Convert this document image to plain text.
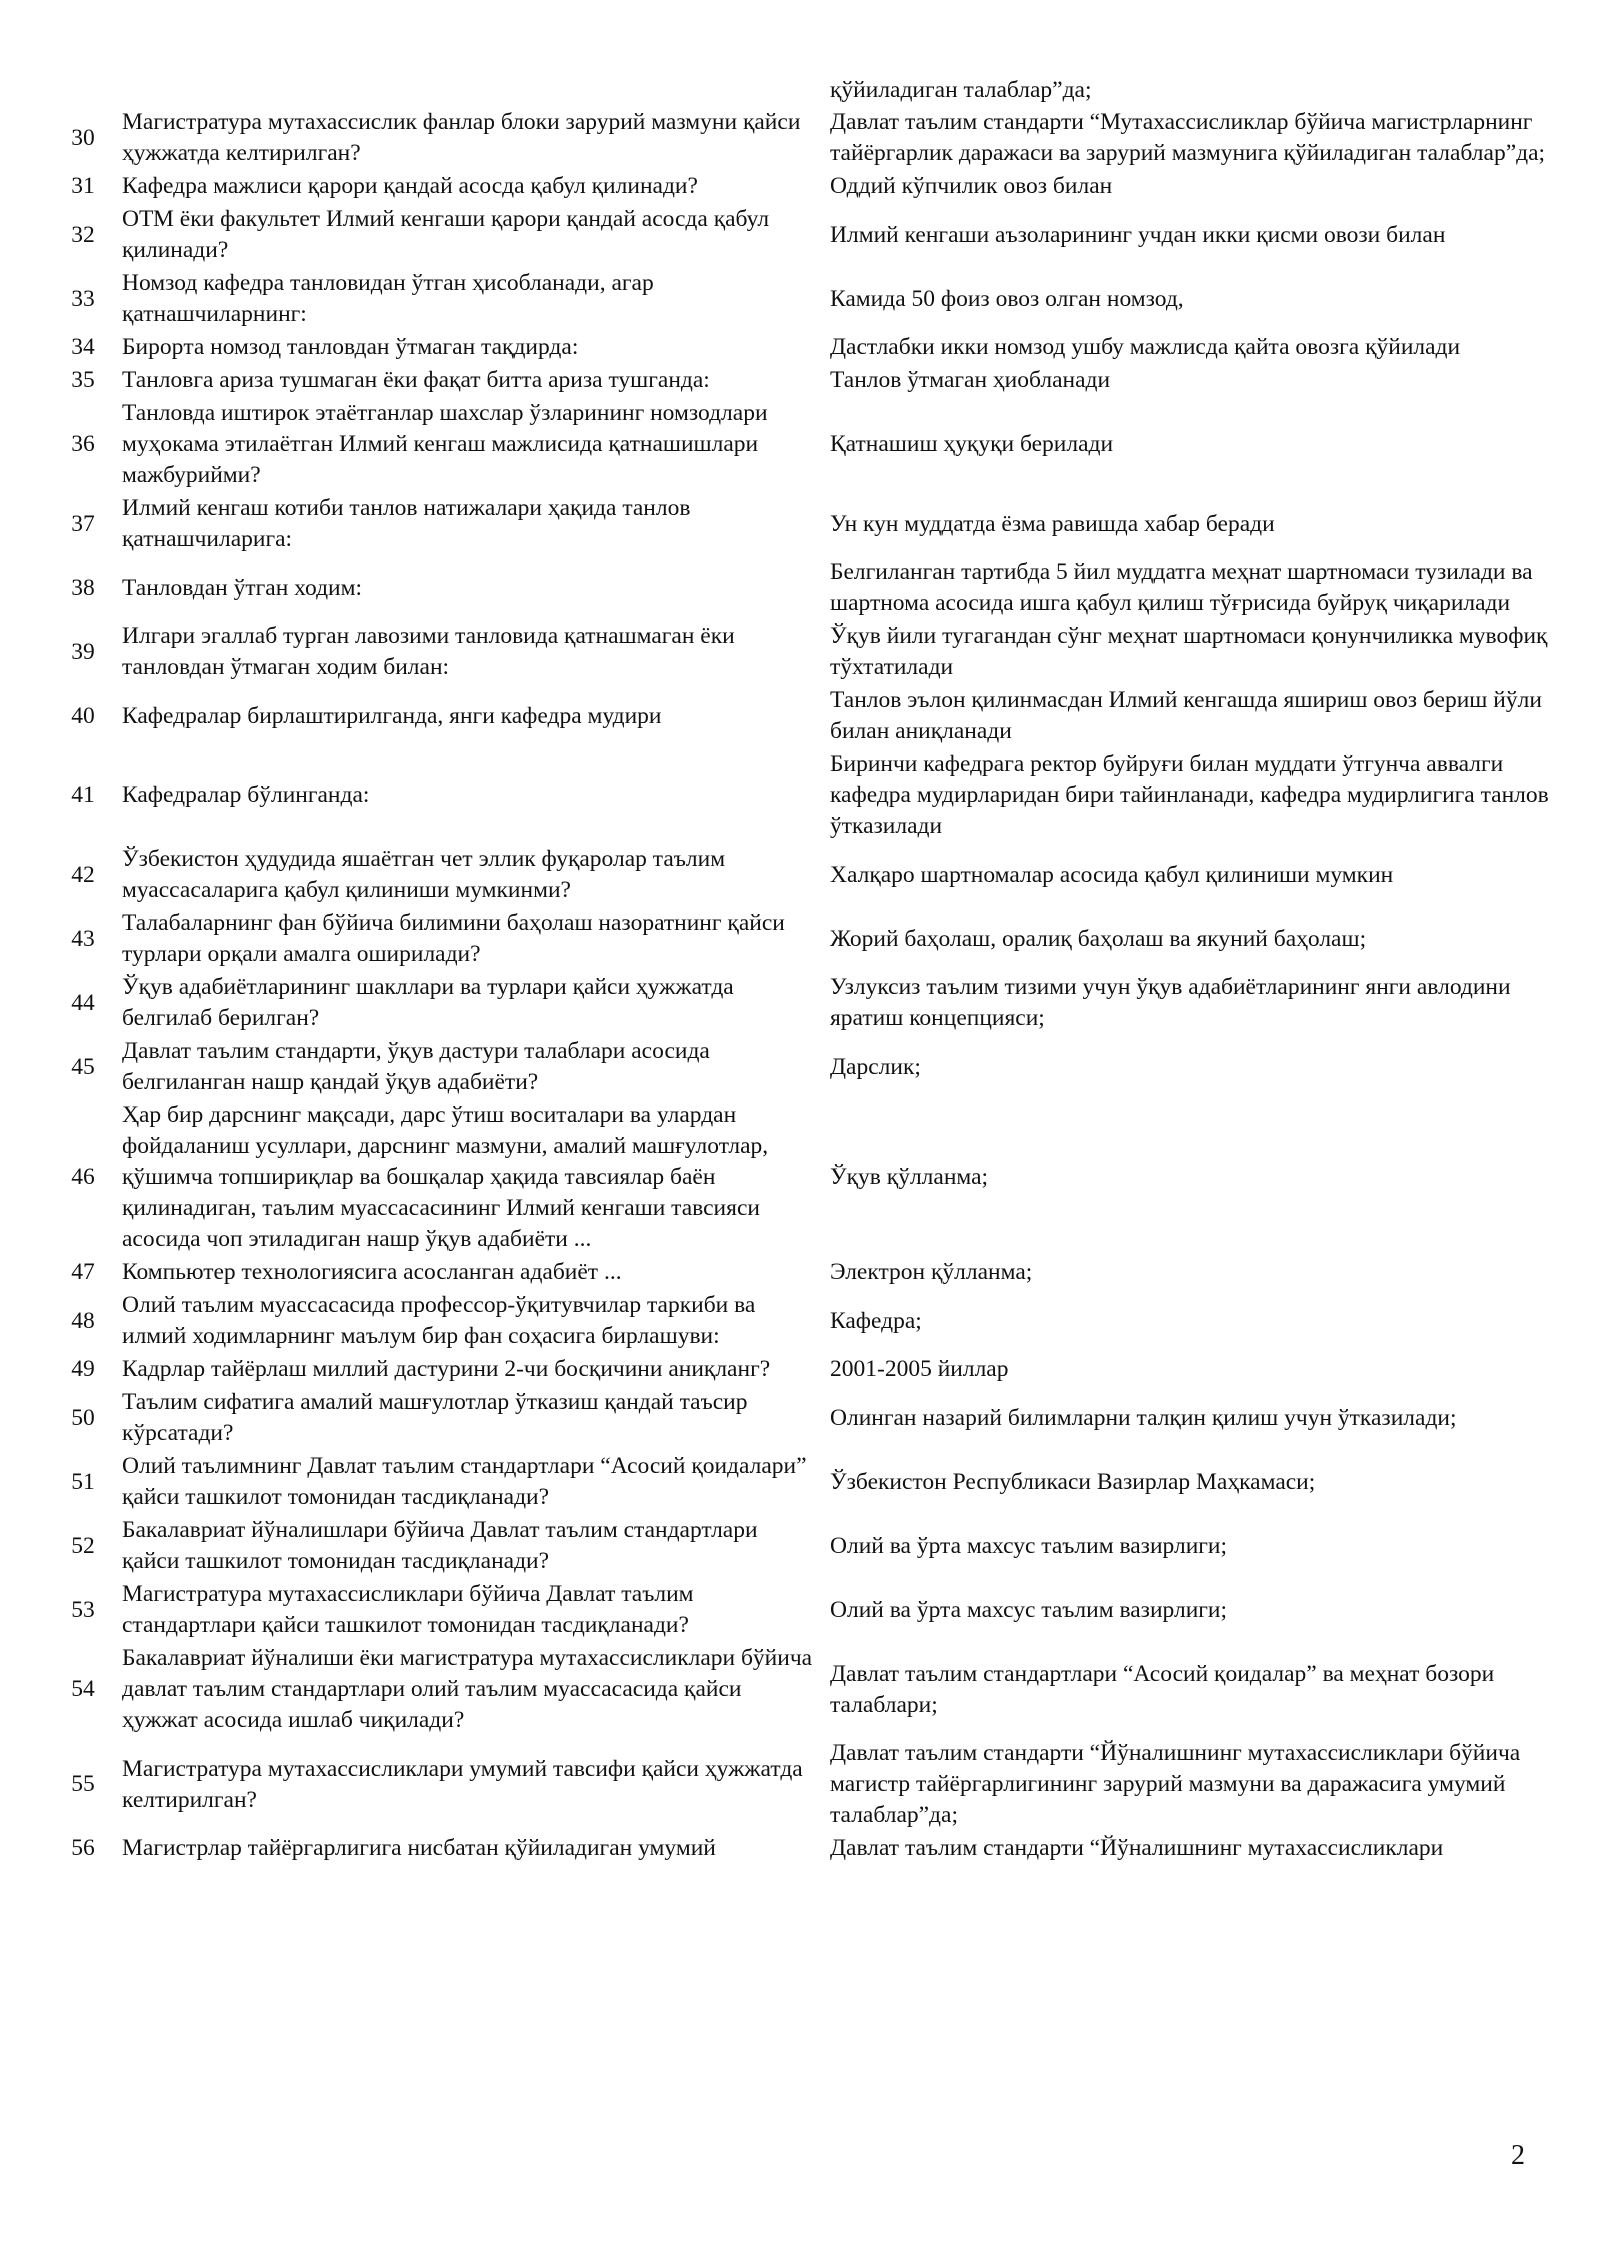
		қўйиладиган талаблар”да;
30	Магистратура мутахассислик фанлар блоки зарурий мазмуни қайси ҳужжатда келтирилган?	Давлат таълим стандарти “Мутахассисликлар бўйича магистрларнинг тайёргарлик даражаси ва зарурий мазмунига қўйиладиган талаблар”да;
31	Кафедра мажлиси қарори қандай асосда қабул қилинади?	Оддий кўпчилик овоз билан
32	ОТМ ёки факультет Илмий кенгаши қарори қандай асосда қабул қилинади?	Илмий кенгаши аъзоларининг учдан икки қисми овози билан
33	Номзод кафедра танловидан ўтган ҳисобланади, агар қатнашчиларнинг:	Камида 50 фоиз овоз олган номзод,
34	Бироpта номзод танловдан ўтмаган тақдирда:	Дастлабки икки номзод ушбу мажлисда қайта овозга қўйилади
35	Танловга ариза тушмаган ёки фақат битта ариза тушганда:	Танлов ўтмаган ҳиобланади
36	Танловда иштирок этаётганлар шахслар ўзларининг номзодлари муҳокама этилаётган Илмий кенгаш мажлисида қатнашишлари мажбурийми?	Қатнашиш ҳуқуқи берилади
37	Илмий кенгаш котиби танлов натижалари ҳақида танлов қатнашчиларига:	Ун кун муддатда ёзма равишда хабар беради
38	Танловдан ўтган ходим:	Белгиланган тартибда 5 йил муддатга меҳнат шартномаси тузилади ва шартнома асосида ишга қабул қилиш тўғрисида буйруқ чиқарилади
39	Илгари эгаллаб турган лавозими танловида қатнашмаган ёки танловдан ўтмаган ходим билан:	Ўқув йили тугагандан сўнг меҳнат шартномаси қонунчиликка мувофиқ тўхтатилади
40	Кафедралар бирлаштирилганда, янги кафедра мудири	Танлов эълон қилинмасдан Илмий кенгашда яшириш овоз бериш йўли билан аниқланади
41	Кафедралар бўлинганда:	Биринчи кафедрага ректор буйруғи билан муддати ўтгунча аввалги кафедра мудирларидан бири тайинланади, кафедра мудирлигига танлов ўтказилади
42	Ўзбекистон ҳудудида яшаётган чет эллик фуқаролар таълим муассасаларига қабул қилиниши мумкинми?	Халқаро шартномалар асосида қабул қилиниши мумкин
43	Талабаларнинг фан бўйича билимини баҳолаш назоратнинг қайси турлари орқали амалга оширилади?	Жорий баҳолаш, оралиқ баҳолаш ва якуний баҳолаш;
44	Ўқув адабиётларининг шакллари ва турлари қайси ҳужжатда белгилаб берилган?	Узлуксиз таълим тизими учун ўқув адабиётларининг янги авлодини яратиш концепцияси;
45	Давлат таълим стандарти, ўқув дастури талаблари асосида белгиланган нашр қандай ўқув адабиёти?	Дарслик;
46	Ҳар бир дарснинг мақсади, дарс ўтиш воситалари ва улардан фойдаланиш усуллари, дарснинг мазмуни, амалий машғулотлар, қўшимча топшириқлар ва бошқалар ҳақида тавсиялар баён қилинадиган, таълим муассасасининг Илмий кенгаши тавсияси асосида чоп этиладиган нашр ўқув адабиёти ...	Ўқув қўлланма;
47	Компьютер технологиясига асосланган адабиёт ...	Электрон қўлланма;
48	Олий таълим муассасасида профессор-ўқитувчилар таркиби ва илмий ходимларнинг маълум бир фан соҳасига бирлашуви:	Кафедра;
49	Кадрлар тайёрлаш миллий дастурини 2-чи босқичини аниқланг?	2001-2005 йиллар
50	Таълим сифатига амалий машғулотлар ўтказиш қандай таъсир кўрсатади?	Олинган назарий билимларни талқин қилиш учун ўтказилади;
51	Олий таълимнинг Давлат таълим стандартлари “Асосий қоидалари” қайси ташкилот томонидан тасдиқланади?	Ўзбекистон Республикаси Вазирлар Маҳкамаси;
52	Бакалавриат йўналишлари бўйича Давлат таълим стандартлари қайси ташкилот томонидан тасдиқланади?	Олий ва ўрта махсус таълим вазирлиги;
53	Магистратура мутахассисликлари бўйича Давлат таълим стандартлари қайси ташкилот томонидан тасдиқланади?	Олий ва ўрта махсус таълим вазирлиги;
54	Бакалавриат йўналиши ёки магистратура мутахассисликлари бўйича давлат таълим стандартлари олий таълим муассасасида қайси ҳужжат асосида ишлаб чиқилади?	Давлат таълим стандартлари “Асосий қоидалар” ва меҳнат бозори талаблари;
55	Магистратура мутахассисликлари умумий тавсифи қайси ҳужжатда келтирилган?	Давлат таълим стандарти “Йўналишнинг мутахассисликлари бўйича магистр тайёргарлигининг зарурий мазмуни ва даражасига умумий талаблар”да;
56	Магистрлар тайёргарлигига нисбатан қўйиладиган умумий	Давлат таълим стандарти “Йўналишнинг мутахассисликлари
2
